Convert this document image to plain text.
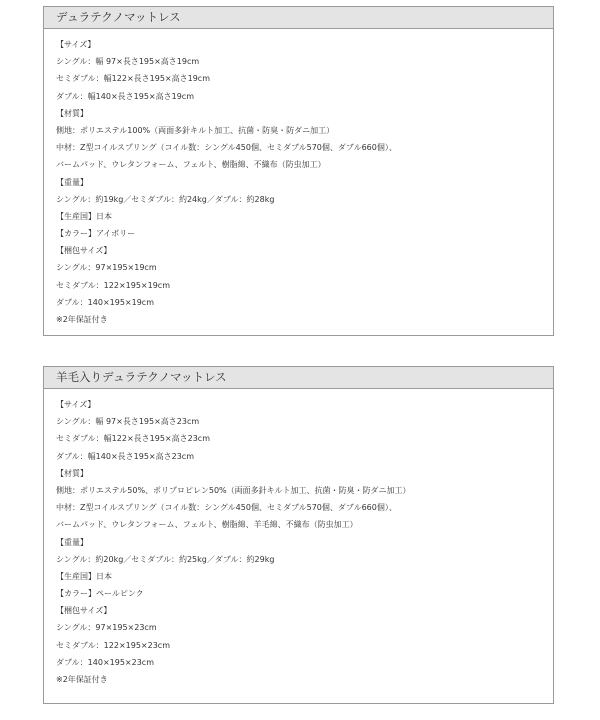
デュラテクノマットレス
【サイズ】
シングル：幅 97×長さ195×高さ19cm
セミダブル：幅122×長さ195×高さ19cm
ダブル：幅140×長さ195×高さ19cm
【材質】
側地：ポリエステル100%（両面多針キルト加工、抗菌・防臭・防ダニ加工）
中材：Z型コイルスプリング（コイル数：シングル450個、セミダブル570個、ダブル660個）、
バームパッド、ウレタンフォーム、フェルト、樹脂綿、不織布（防虫加工）
【重量】
シングル：約19kg／セミダブル：約24kg／ダブル：約28kg
【生産国】日本
【カラー】アイボリー
【梱包サイズ】
シングル：97×195×19cm
セミダブル：122×195×19cm
ダブル：140×195×19cm
※2年保証付き
羊毛入りデュラテクノマットレス
【サイズ】
シングル：幅 97×長さ195×高さ23cm
セミダブル：幅122×長さ195×高さ23cm
ダブル：幅140×長さ195×高さ23cm
【材質】
側地：ポリエステル50%、ポリプロピレン50%（両面多針キルト加工、抗菌・防臭・防ダニ加工）
中材：Z型コイルスプリング（コイル数：シングル450個、セミダブル570個、ダブル660個）、
バームパッド、ウレタンフォーム、フェルト、樹脂綿、羊毛綿、不織布（防虫加工）
【重量】
シングル：約20kg／セミダブル：約25kg／ダブル：約29kg
【生産国】日本
【カラー】ペールピンク
【梱包サイズ】
シングル：97×195×23cm
セミダブル：122×195×23cm
ダブル：140×195×23cm
※2年保証付き
